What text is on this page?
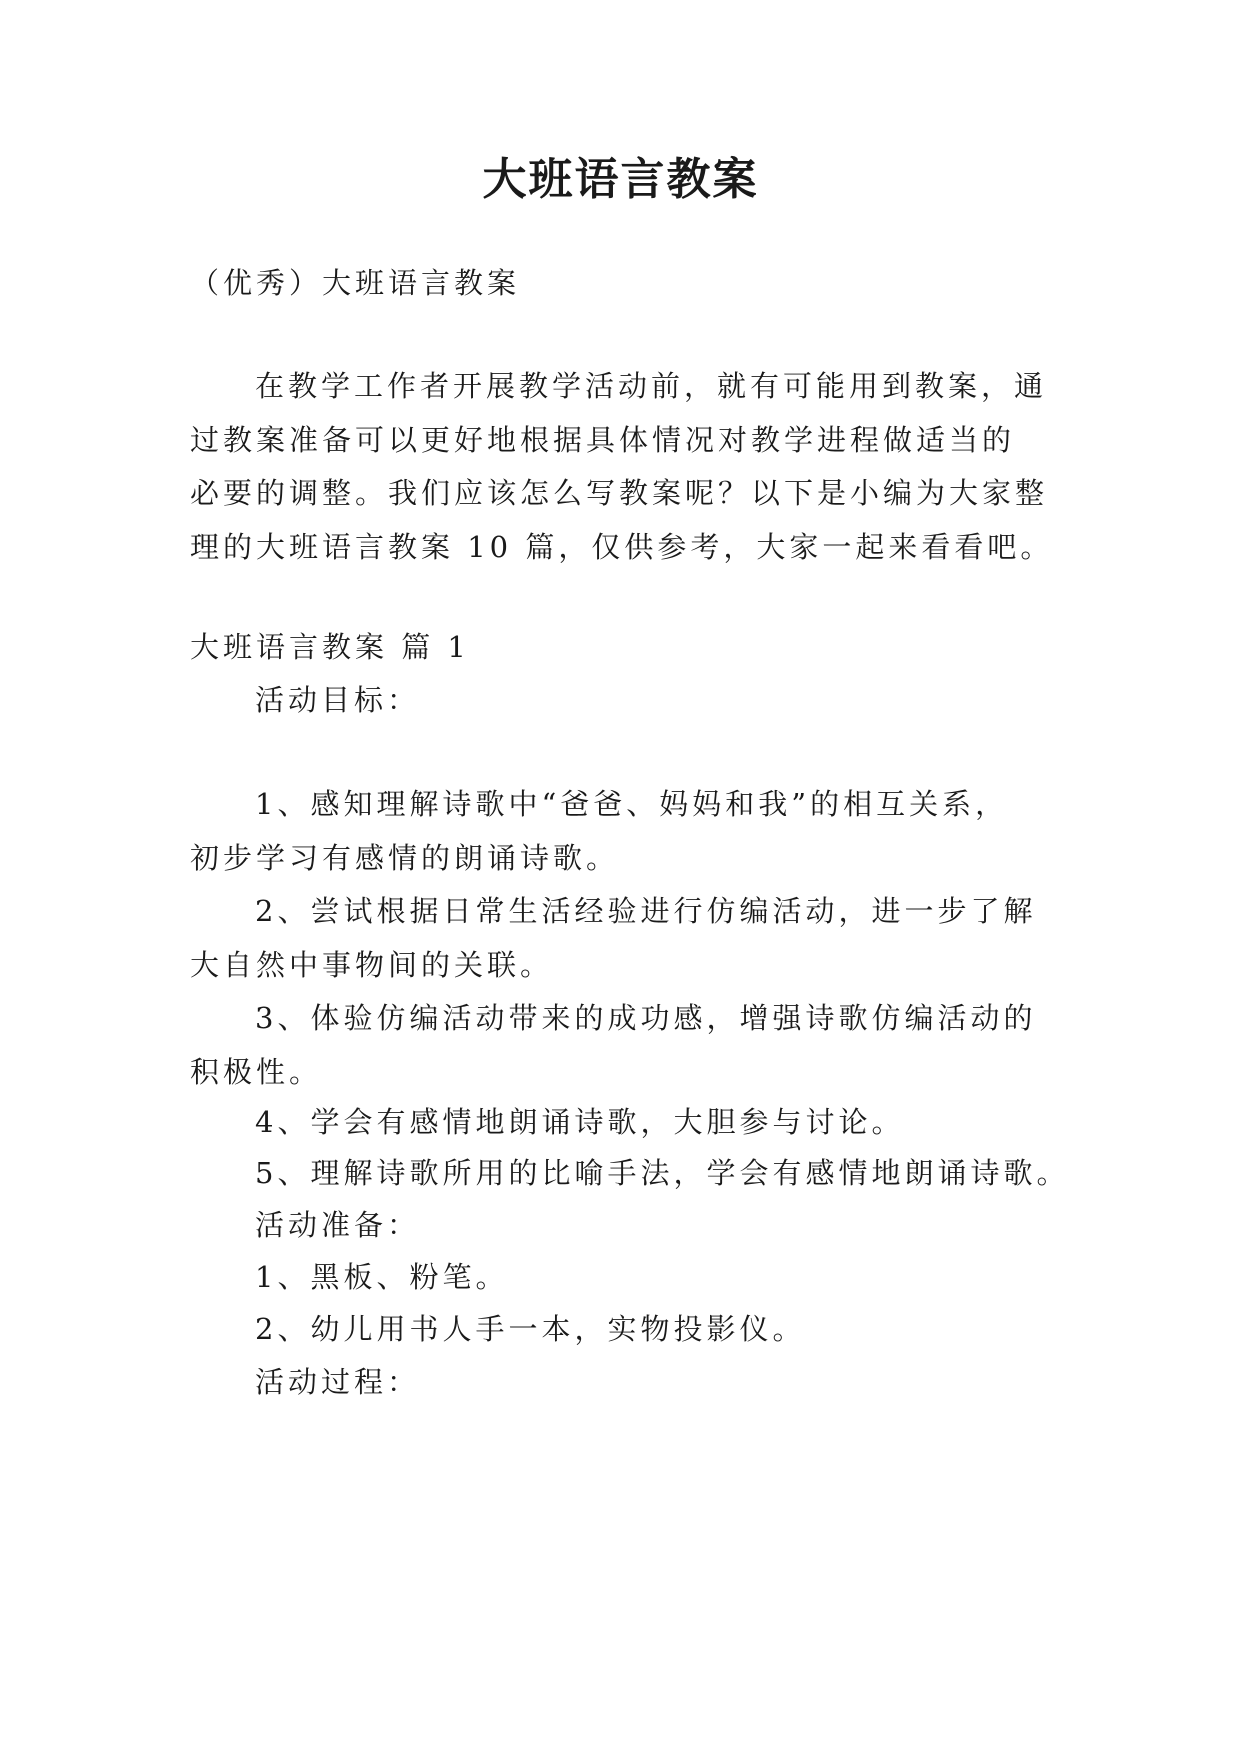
大班语言教案

（优秀）大班语言教案

在教学工作者开展教学活动前，就有可能用到教案，通

过教案准备可以更好地根据具体情况对教学进程做适当的

必要的调整。我们应该怎么写教案呢？以下是小编为大家整

理的大班语言教案 10 篇，仅供参考，大家一起来看看吧。

大班语言教案 篇 1

活动目标：

1、感知理解诗歌中“爸爸、妈妈和我”的相互关系，

初步学习有感情的朗诵诗歌。

2、尝试根据日常生活经验进行仿编活动，进一步了解

大自然中事物间的关联。

3、体验仿编活动带来的成功感，增强诗歌仿编活动的

积极性。

4、学会有感情地朗诵诗歌，大胆参与讨论。

5、理解诗歌所用的比喻手法，学会有感情地朗诵诗歌。

活动准备：

1、黑板、粉笔。

2、幼儿用书人手一本，实物投影仪。

活动过程：
